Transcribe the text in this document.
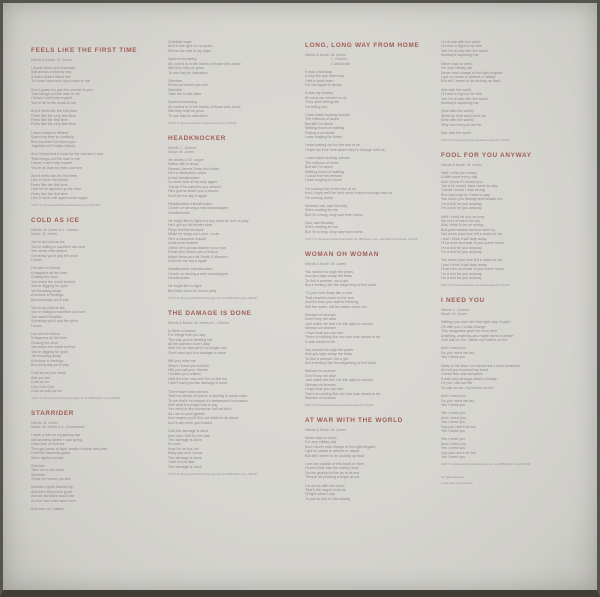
FEELS LIKE THE FIRST TIME
Words & Music: M. Jones
I would climb any mountain
Sail across a stormy sea
If that's what it takes me
To show how much you mean to me
And I guess it's just the woman in you
That brings out the man in me
I know I can't help myself
You're all in the world to me
And it feels like the first time
Feels like the very first time
Feels like the first time
Feels like the very first time
I have waited a lifetime
Spent my time so foolishly
But now that I've found you
Together we'll make history
And I know that it must be the woman in you
That brings out the man in me
I know I can't help myself
You're all that my eyes can see
And it feels like the first time
Like it never did before
Feels like the first time
Like we've opened up the door
Feels like the first time
Like it never will again-never again
©1977 by Somerset Music and Evansongs Ltd, ASCAP
COLD AS ICE
Words: M. Jones & L. Gramm
Music: M. Jones
You're as cold as ice
You're willing to sacrifice our love
You never take advice
Someday you'll pay the price
I know
I've seen it before
It happens all the time
Closing the door
You leave the world behind
You're digging for gold
Yet throwing away
A fortune in feelings
But someday you'll pay
You're as cold as ice
You're willing to sacrifice our love
You want Paradise
Someday you'll pay the price
I know
I've seen it before
It happens all the time
Closing the door
You leave the world behind
You're digging for gold
Yet throwing away
A fortune in feelings
But someday you'll pay
Cold as ice you know
that you are
Cold as ice
Ooh Ooh Ooh
Cold as cold as ice
©1977 by Somerset Music Evansongs Ltd. and WB Music Corp, ASCAP
STARRIDER
Words: M. Jones
Music: M. Jones & A. Greenwood
I stole a ride on a passing star
Not knowing where I was going
How near or how far
Through years of light, lands of future and past,
Until the heavenly gates
Were sighted at last
Starrider
Take me to the stars
Starrider
Show me where you are
Northern lights flashed by
And then they were gone
And as old stars would die
So the new ones were born
And ever on I sailed
Celestial ways
And in the light of my years
Shone the rest of my days
Speed increasing
All control is in the hands of those who know
Will they help us grow
To one day be starriders
Starrider
Show me where you are
Starrider
Take me to the stars
Speed increasing
All control is in the hands of those who know
Will they help us grow
To one day be starriders
©1977 by Somerset Music and Evansongs Ltd, ASCAP
HEADKNOCKER
Words: L. Gramm
Music: M. Jones
He drives a '57 coupe
Walks with a stoop
Swears James Dean isn't dead
He's a dedicated rocker
A real headknocker
So don't look at his lady again
'Cause if he catches you messin'
He's gonna teach you a lesson
Don't let me say it again
Headknocker-Headknocker
Comin' on strong-a real showstopper
Headknocker
He might like to fight-but boy does he love to play
He's got an old fender strat
Plays behind his back
While he sings out Louie, Louie
He's a backseat mauler
A barroom brawler
I think he's gonna blacken your eye
If that don't teach you a lesson
Might show you his Smith & Wesson
Don't let me say it again
Headknocker-Headknocker
Comin' on strong-a real showstopper
Headknocker
He might like to fight
But baby does he love to play
©1977 by Somerset Music Evansongs Ltd. and WB Music Corp, ASCAP
THE DAMAGE IS DONE
Words & Music: M. Jones & L. Gramm
Is there a reason
For things that you say
The way you're treating me
All the games I won't play
Well it's too late-we're no longer one
Don't want you-the damage is done
Will you miss me
When I leave you behind
Will you call your friends
I treated you unkind
Well it's over now and I'm on the run
I don't want you-the damage is done
There have been rumors
That my sense of humor is lacking in some ways
To me that's no reason-it's tantamount to treason
See what the judge has to say
You need to find someone half as blind
As I am to your games
And maybe you'll find out what it's all about
And it can drive you insane
Ooh-the damage is done
And now I feel it's too late
The damage is done
It's over
Now I'm on the run
Baby you and I know
The damage is done
I feel it's too late
The damage is done
©1977 by Somerset Music Evansongs Ltd. and WB Music Corp, ASCAP
LONG, LONG WAY FROM HOME
Words & Music: M. Jones
L. Gramm,
I. McDonald
It was a Monday
A day like any other day
I left a small town
For the Apple in decay
It was my destiny
It's what we needed to do
They were telling me
I'm telling you
I was inside looking outside
The millions of faces
But still I'm alone
Waiting hours of waiting
Paying a penance
I was longing for home
I was looking out for the two of us
I hope we'll be here when they're through with us
I was inside looking outside
The millions of faces
But still I'm alone
Waiting hours of waiting
I could feel the tension
I was longing for home
I'm looking out for the two of us
And I hope we'll be here when they're through with us
I'm coming home
Monday sad, sad Monday
She's waiting for me
But I'm a long, long way from home
Sad, sad Monday
She's waiting for me
But I'm a long, long way from home
©1977 by Somerset Music Evansongs Ltd. WB Music Corp. and Mad Onion Music, ASCAP
WOMAN OH WOMAN
Words & Music: M. Jones
You search through the years
And you wipe away the tears
To find a woman, not a girl
But a feeling, like the beginning of the world
'Til your love flows like a river
That reaches down to the sea
And it's then you start to thinking
Will the water, will the water cover me
Woman oh woman
Don't bury me alive
Just make me feel I've the right to survive
Woman oh woman
I hope that you can see
There is nothing like our love was meant to be
It was meant to be
You search through the years
And you wipe away the tears
To find a woman, not a girl
But a feeling, like the beginning of the world
Woman oh woman
Don't bury me alive
Just make me feel I've the right to survive
Woman oh woman
I hope that you can see
There is nothing like our love was meant to be
Woman oh woman
©1977 by Somerset Music and Evansongs Ltd, ASCAP
AT WAR WITH THE WORLD
Words & Music: M. Jones
Never had no need
For any military aid
And I never took charge of the light brigade
I got no castle to defend or attack
But still I seem to be picking up flack
I am the captain of this body of mine
I'll send fear into the enemy lines
On the ground in the air or at sea
They're all pointing a finger at me
I'm at war with the world
That's the way it must be
I'll fight while I can
To put an end to this misery
I'm at war with the world
I'll have to fight to be free
Yes I'm at war with the world
Nobody's capturing me
Never had no need
For any military aid
Never took charge of the light brigade
I got no castle to defend or attack
But still I seem to be picking up flack
War with the world
I'll have to fight to be free
Yes I'm at war with the world
Nobody's capturing me
(War with the world)
What do they want from me
(War with the world)
Why don't they let me be
War with the world
©1977 by Somerset Music and Evansongs Ltd, ASCAP
FOOL FOR YOU ANYWAY
Words & Music: M. Jones
Well I miss you honey
A little more every day
And I know if I kissed you
You'd be comin' back home to stay
'Cause I know I was wrong
But how long do I have to pay
You know you belong here beside me
I'm a fool for you anyway
I'm a fool for you anyway
Well I cried for you so long
My river of tears ran dry
And I tried to be so strong
But grew weaker as time went by
You know your love left a mark on me
I don't think it will fade away
I'll sit here and wait 'til you come home
I'm a fool for you anyway
I'm a fool for you anyway
You know your love left a mark on me
I don't think it will fade away
I'll sit here and wait 'til you come home
I'm a fool for you anyway
I'm a fool for you anyway
©1977 by Somerset Music and Evansongs Ltd, ASCAP
I NEED YOU
Words: L. Gramm
Music: M. Jones
Selling your soul ain't the right way of givin'
Oh with you I could change
This misguided goal I've been livin'
Anything, anything-you might need or desire
Just call on me, 'cause my heart's on fire
And I need you
Do you need me too
Yes I need you
Many is the time I've cursed the Lord's creations
Ah but you touched my hand
I loved this new sensation
It was very strange what a change
Of you I did not tire
So call on me, my heart's on fire
And I need you
Do you need me too
Yes I need you
Yes I need you
And I need you
Yes I need you
Say you need me too
Yes I need you
Yes I need you
And I need you
Yes I need you
Say you need me too
Yes I need you
©1977 by Somerset Music Evansongs Ltd. and WB Music Corp, ASCAP
All rights reserved
Lyrics used by permission
